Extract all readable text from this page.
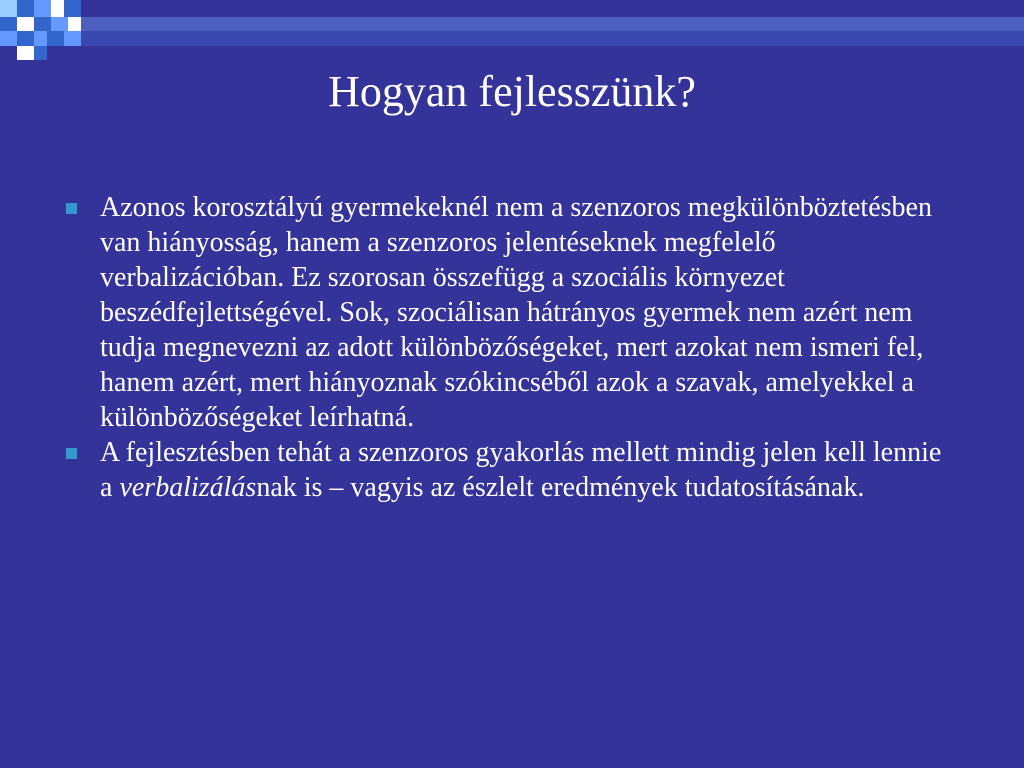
Hogyan fejlesszünk?
Azonos korosztályú gyermekeknél nem a szenzoros megkülönböztetésben van hiányosság, hanem a szenzoros jelentéseknek megfelelő verbalizációban. Ez szorosan összefügg a szociális környezet beszédfejlettségével. Sok, szociálisan hátrányos gyermek nem azért nem tudja megnevezni az adott különbözőségeket, mert azokat nem ismeri fel, hanem azért, mert hiányoznak szókincséből azok a szavak, amelyekkel a különbözőségeket leírhatná.
A fejlesztésben tehát a szenzoros gyakorlás mellett mindig jelen kell lennie a verbalizálásnak is – vagyis az észlelt eredmények tudatosításának.
